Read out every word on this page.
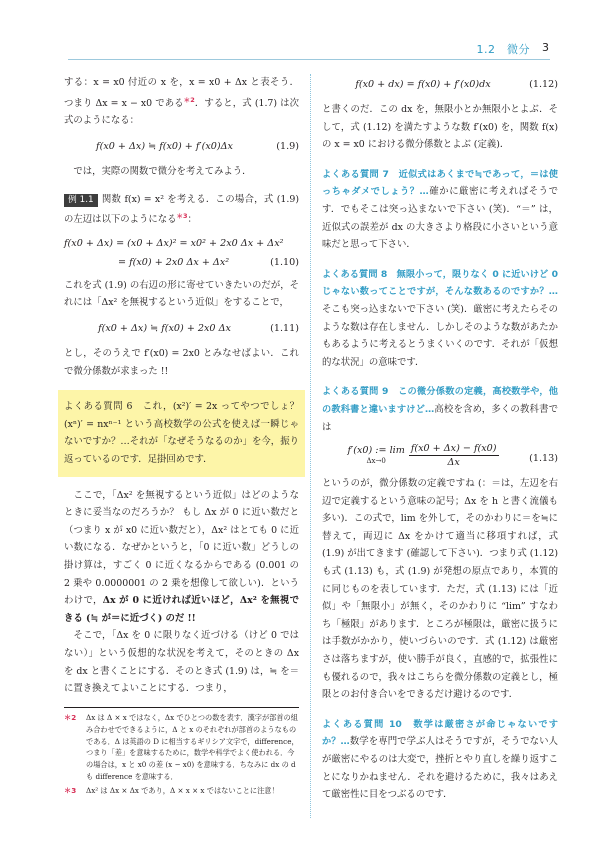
1.2　微分 3

する：x = x0 付近の x を，x = x0 + Δx と表そう．つまり Δx = x − x0 である$^{*2}$．すると，式 (1.7) は次式のようになる：

f(x0 + Δx) ≒ f(x0) + f′(x0)Δx	(1.9)

　では，実際の関数で微分を考えてみよう．

例 1.1 関数 f(x) = x² を考える．この場合，式 (1.9) の左辺は以下のようになる$^{*3}$：

f(x0 + Δx) = (x0 + Δx)² = x0² + 2x0 Δx + Δx²
= f(x0) + 2x0 Δx + Δx²	(1.10)

これを式 (1.9) の右辺の形に寄せていきたいのだが，それには「Δx² を無視するという近似」をすることで，

f(x0 + Δx) ≒ f(x0) + 2x0 Δx	(1.11)

とし，そのうえで f′(x0) = 2x0 とみなせばよい．これで微分係数が求まった !!

よくある質問 6　これ，(x²)′ = 2x ってやつでしょ？ (xⁿ)′ = nxⁿ⁻¹ という高校数学の公式を使えば一瞬じゃないですか？…それが「なぜそうなるのか」を今，振り返っているのです．足掛回めです．

　ここで，「Δx² を無視するという近似」はどのようなときに妥当なのだろうか？ もし Δx が 0 に近い数だと（つまり x が x0 に近い数だと），Δx² はとても 0 に近い数になる．なぜかというと，「0 に近い数」どうしの掛け算は，すごく 0 に近くなるからである (0.001 の 2 乗や 0.0000001 の 2 乗を想像して欲しい)．というわけで，Δx が 0 に近ければ近いほど，Δx² を無視できる (≒ が＝に近づく) のだ !!

　そこで，「Δx を 0 に限りなく近づける（けど 0 ではない）」という仮想的な状況を考えて，そのときの Δx を dx と書くことにする．そのとき式 (1.9) は，≒ を＝に置き換えてよいことにする．つまり，

＊2	Δx は Δ × x ではなく，Δx でひとつの数を表す．漢字が部首の組み合わせでできるように，Δ と x のそれぞれが部首のようなものである．Δ は英語の D に相当するギリシア文字で，difference，つまり「差」を意味するために，数学や科学でよく使われる．今の場合は，x と x0 の差 (x − x0) を意味する．ちなみに dx の d も difference を意味する．
＊3	Δx² は Δx × Δx であり，Δ × x × x ではないことに注意！
f(x0 + dx) = f(x0) + f′(x0)dx	(1.12)

と書くのだ．この dx を，無限小とか無限小とよぶ．そして，式 (1.12) を満たすような数 f′(x0) を，関数 f(x) の x = x0 における微分係数とよぶ (定義)．

よくある質問 7　近似式はあくまで≒であって，＝は使っちゃダメでしょう？…確かに厳密に考えればそうです．でもそこは突っ込まないで下さい (笑)．“＝” は，近似式の誤差が dx の大きさより格段に小さいという意味だと思って下さい．

よくある質問 8　無限小って，限りなく 0 に近いけど 0 じゃない数ってことですが，そんな数あるのですか？…そこも突っ込まないで下さい (笑)．厳密に考えたらそのような数は存在しません．しかしそのような数があたかもあるように考えるとうまくいくのです．それが「仮想的な状況」の意味です．

よくある質問 9　この微分係数の定義，高校数学や，他の教科書と違いますけど…高校を含め，多くの教科書では

f′(x0) := lim
$\Delta x\to 0 \frac{f(x0 + \Delta x) - f(x0)}{\Delta x}$	(1.13)

というのが，微分係数の定義ですね (：＝は，左辺を右辺で定義するという意味の記号；Δx を h と書く流儀も多い)．この式で，lim を外して，そのかわりに＝を≒に替えて，両辺に Δx をかけて適当に移項すれば，式 (1.9) が出てきます (確認して下さい)．つまり式 (1.12) も式 (1.13) も，式 (1.9) が発想の原点であり，本質的に同じものを表しています．ただ，式 (1.13) には「近似」や「無限小」が無く，そのかわりに “lim” すなわち「極限」があります．ところが極限は，厳密に扱うには手数がかかり，使いづらいのです．式 (1.12) は厳密さは落ちますが，使い勝手が良く，直感的で，拡張性にも優れるので，我々はこちらを微分係数の定義とし，極限とのお付き合いをできるだけ避けるのです．

よくある質問 10　数学は厳密さが命じゃないですか？…数学を専門で学ぶ人はそうですが，そうでない人が厳密にやるのは大変で，挫折とやり直しを繰り返すことになりかねません．それを避けるために，我々はあえて厳密性に目をつぶるのです．
